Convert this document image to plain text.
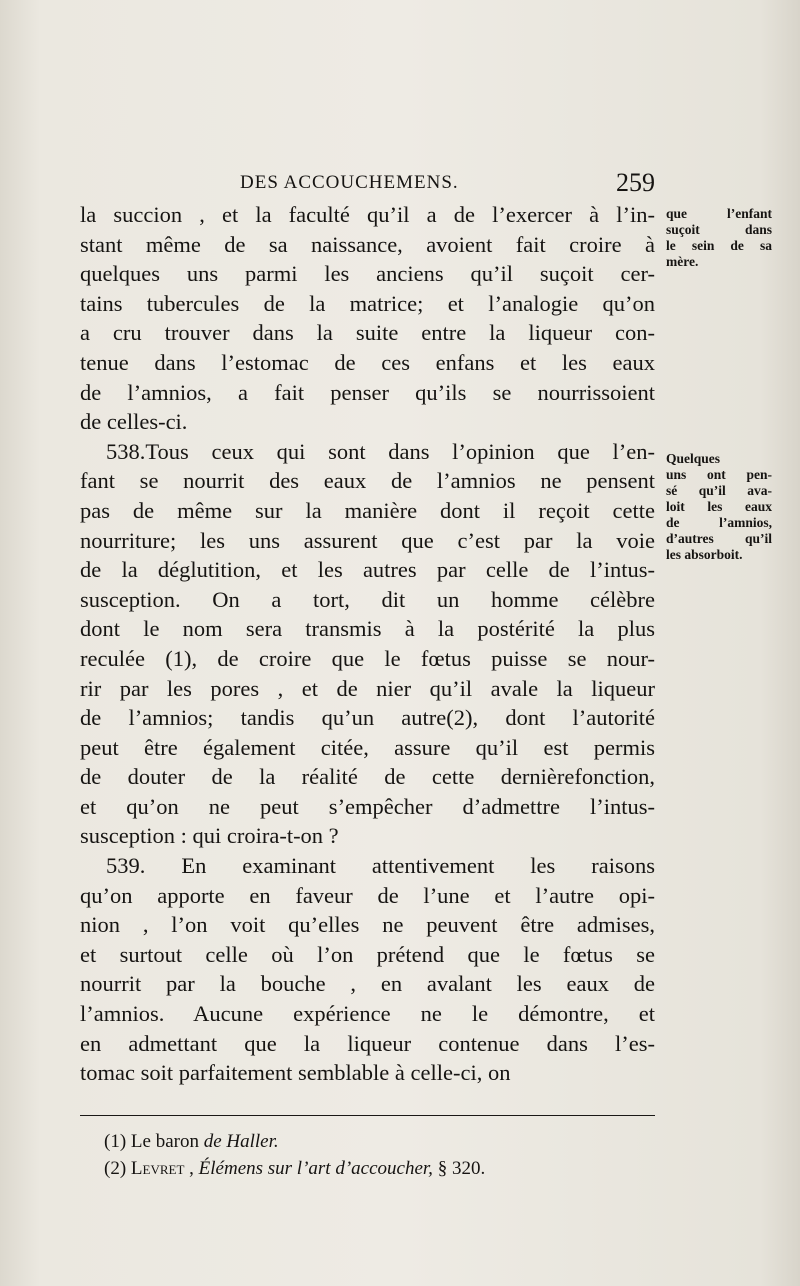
DES ACCOUCHEMENS.	259
la succion , et la faculté qu’il a de l’exercer à l’in-
stant même de sa naissance, avoient fait croire à
quelques uns parmi les anciens qu’il suçoit cer-
tains tubercules de la matrice; et l’analogie qu’on
a cru trouver dans la suite entre la liqueur con-
tenue dans l’estomac de ces enfans et les eaux
de l’amnios, a fait penser qu’ils se nourrissoient
de celles-ci.
538.Tous ceux qui sont dans l’opinion que l’en-
fant se nourrit des eaux de l’amnios ne pensent
pas de même sur la manière dont il reçoit cette
nourriture; les uns assurent que c’est par la voie
de la déglutition, et les autres par celle de l’intus-
susception. On a tort, dit un homme célèbre
dont le nom sera transmis à la postérité la plus
reculée (1), de croire que le fœtus puisse se nour-
rir par les pores , et de nier qu’il avale la liqueur
de l’amnios; tandis qu’un autre(2), dont l’autorité
peut être également citée, assure qu’il est permis
de douter de la réalité de cette dernièrefonction,
et qu’on ne peut s’empêcher d’admettre l’intus-
susception : qui croira-t-on ?
539. En examinant attentivement les raisons
qu’on apporte en faveur de l’une et l’autre opi-
nion , l’on voit qu’elles ne peuvent être admises,
et surtout celle où l’on prétend que le fœtus se
nourrit par la bouche , en avalant les eaux de
l’amnios. Aucune expérience ne le démontre, et
en admettant que la liqueur contenue dans l’es-
tomac soit parfaitement semblable à celle-ci, on
que l’enfant
suçoit dans
le sein de sa
mère.
Quelques
uns ont pen-
sé qu’il ava-
loit les eaux
de l’amnios,
d’autres qu’il
les absorboit.
(1) Le baron de Haller.
(2) Levret , Élémens sur l’art d’accoucher, § 320.
